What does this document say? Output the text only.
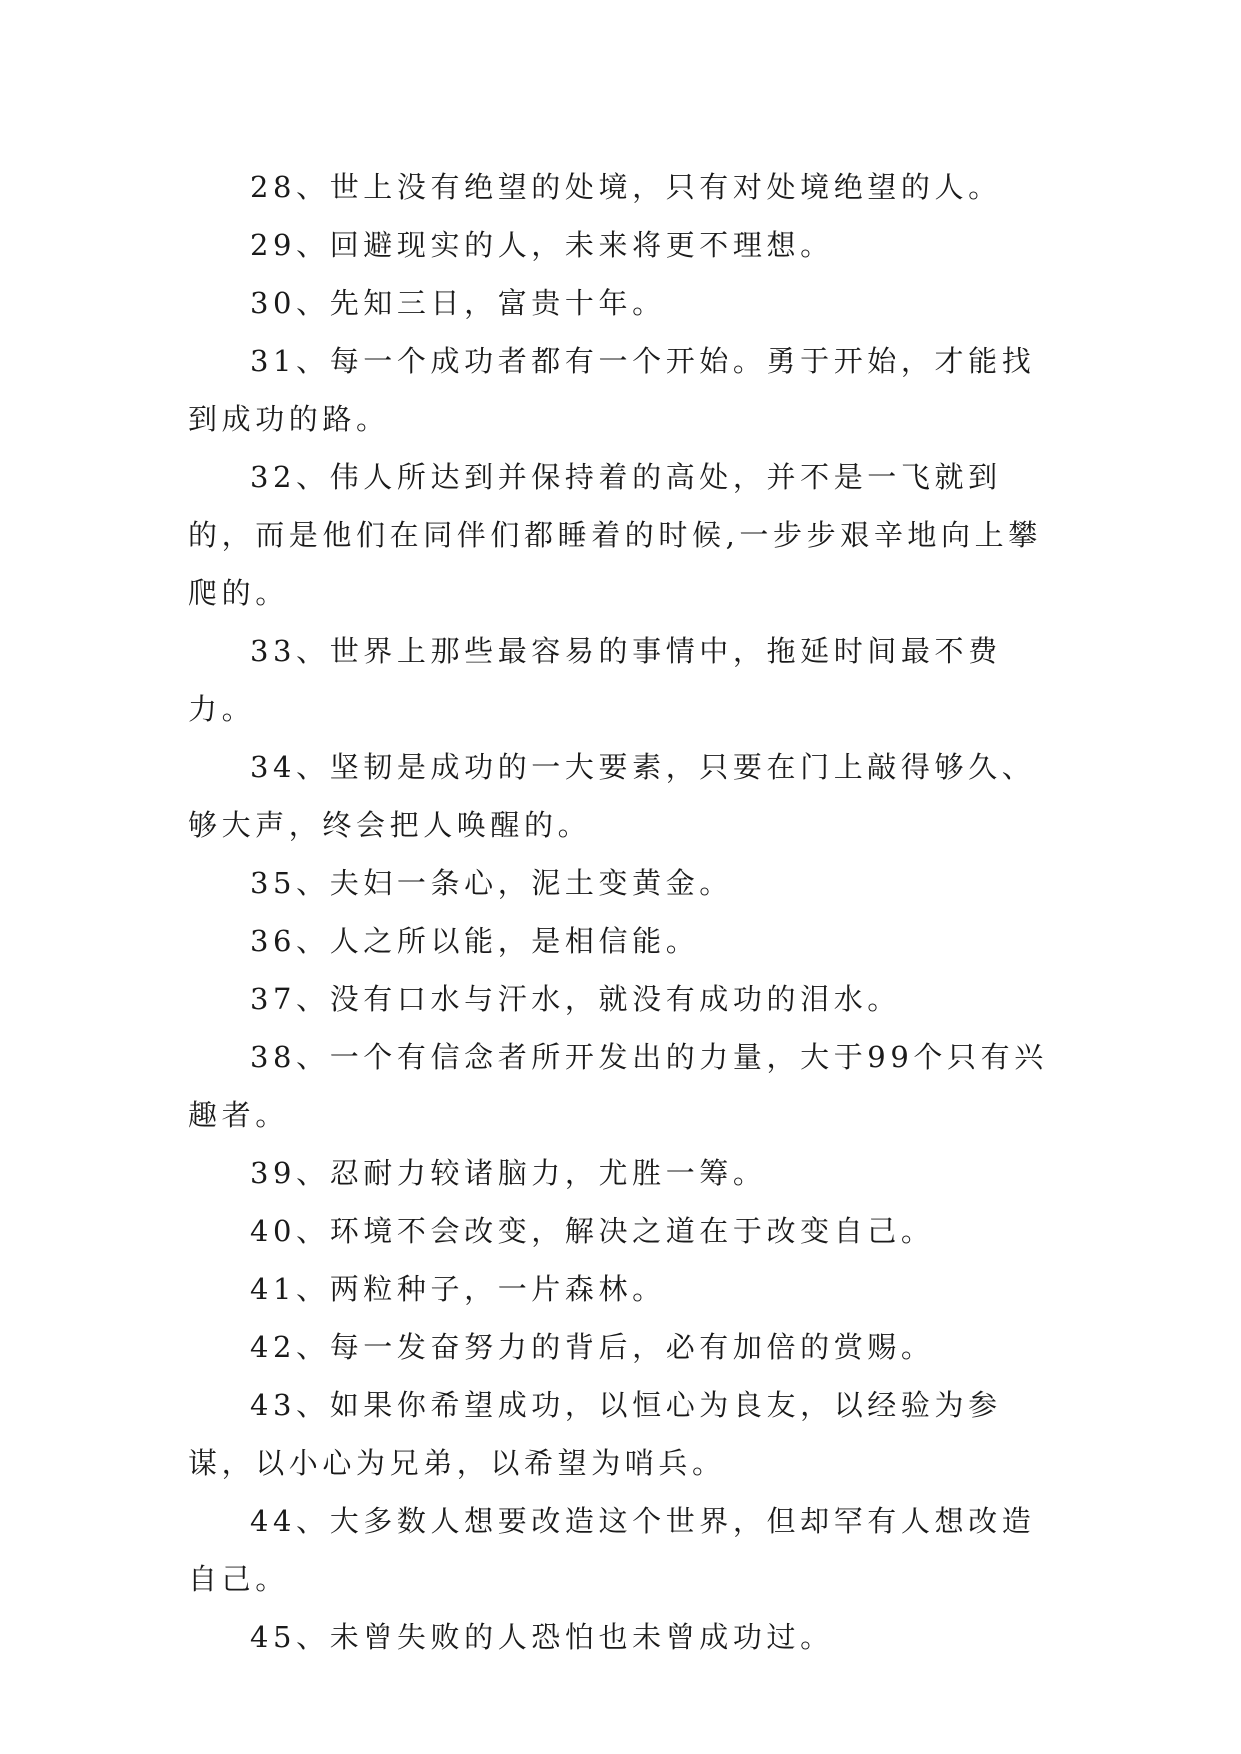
28、世上没有绝望的处境，只有对处境绝望的人。

29、回避现实的人，未来将更不理想。

30、先知三日，富贵十年。

31、每一个成功者都有一个开始。勇于开始，才能找到成功的路。

32、伟人所达到并保持着的高处，并不是一飞就到的，而是他们在同伴们都睡着的时候,一步步艰辛地向上攀爬的。

33、世界上那些最容易的事情中，拖延时间最不费力。

34、坚韧是成功的一大要素，只要在门上敲得够久、够大声，终会把人唤醒的。

35、夫妇一条心，泥土变黄金。

36、人之所以能，是相信能。

37、没有口水与汗水，就没有成功的泪水。

38、一个有信念者所开发出的力量，大于99个只有兴趣者。

39、忍耐力较诸脑力，尤胜一筹。

40、环境不会改变，解决之道在于改变自己。

41、两粒种子，一片森林。

42、每一发奋努力的背后，必有加倍的赏赐。

43、如果你希望成功，以恒心为良友，以经验为参谋，以小心为兄弟，以希望为哨兵。

44、大多数人想要改造这个世界，但却罕有人想改造自己。

45、未曾失败的人恐怕也未曾成功过。
